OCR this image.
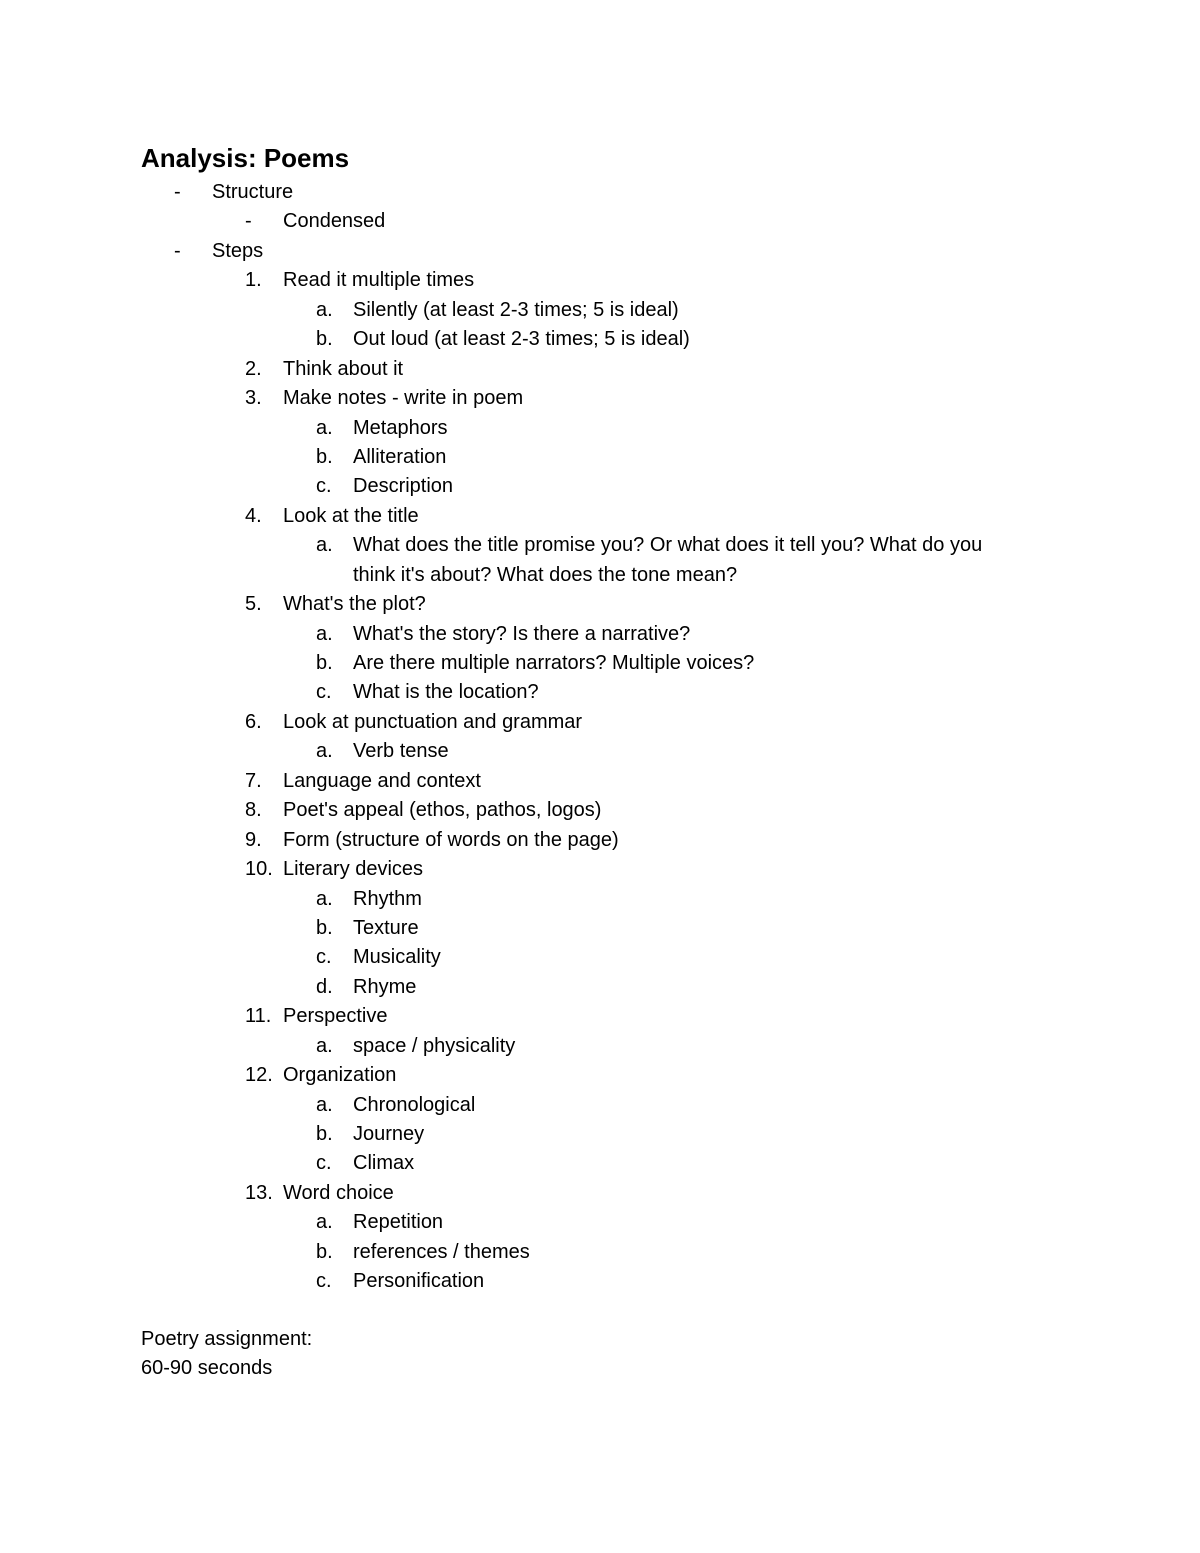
Analysis: Poems
- Structure
- Condensed
- Steps
1. Read it multiple times
a. Silently (at least 2-3 times; 5 is ideal)
b. Out loud (at least 2-3 times; 5 is ideal)
2. Think about it
3. Make notes - write in poem
a. Metaphors
b. Alliteration
c. Description
4. Look at the title
a. What does the title promise you? Or what does it tell you? What do you
think it's about? What does the tone mean?
5. What's the plot?
a. What's the story? Is there a narrative?
b. Are there multiple narrators? Multiple voices?
c. What is the location?
6. Look at punctuation and grammar
a. Verb tense
7. Language and context
8. Poet's appeal (ethos, pathos, logos)
9. Form (structure of words on the page)
10. Literary devices
a. Rhythm
b. Texture
c. Musicality
d. Rhyme
11. Perspective
a. space / physicality
12. Organization
a. Chronological
b. Journey
c. Climax
13. Word choice
a. Repetition
b. references / themes
c. Personification
Poetry assignment:
60-90 seconds
